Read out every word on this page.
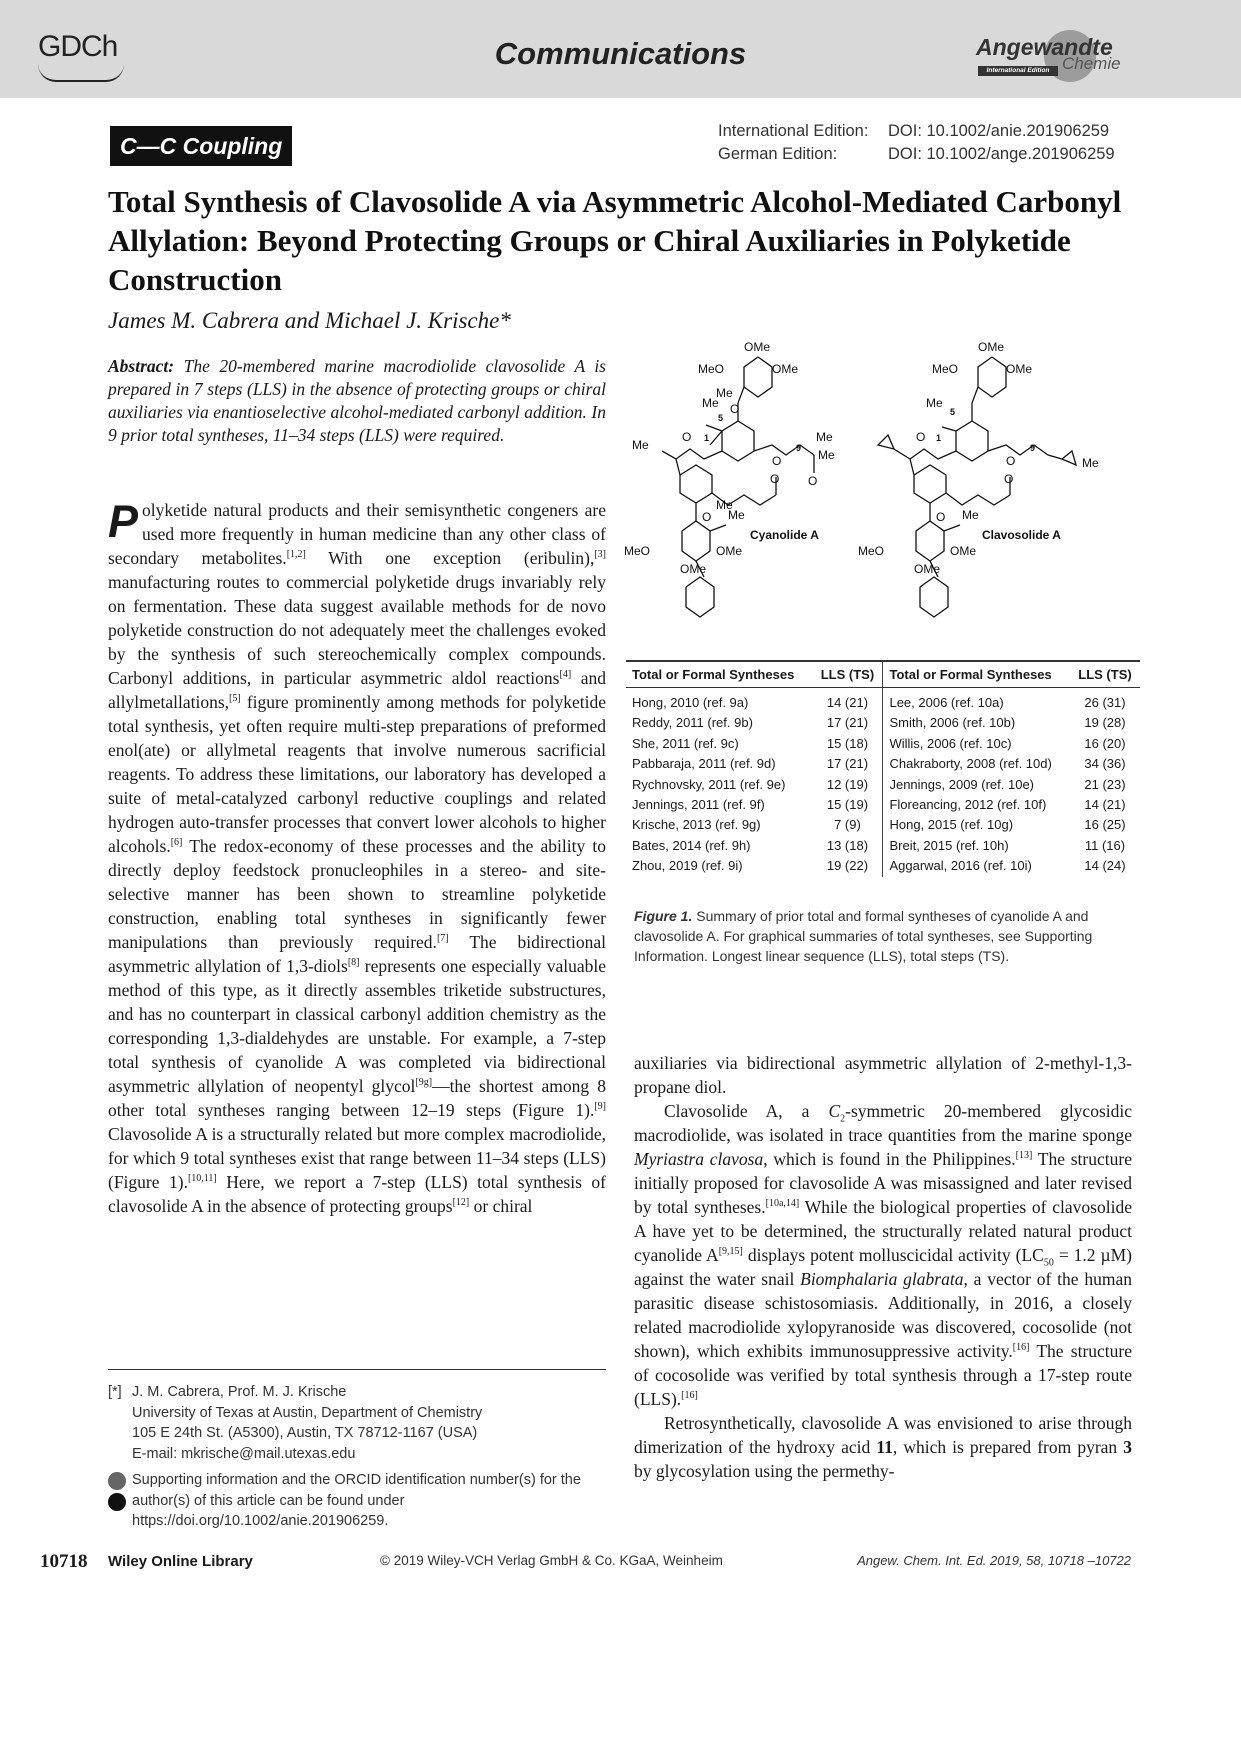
GDCh	Communications	Angewandte
International Edition Chemie
C—C Coupling
International Edition: DOI: 10.1002/anie.201906259
German Edition:	DOI: 10.1002/ange.201906259
Total Synthesis of Clavosolide A via Asymmetric Alcohol-Mediated Carbonyl Allylation: Beyond Protecting Groups or Chiral Auxiliaries in Polyketide Construction
James M. Cabrera and Michael J. Krische*
Abstract: The 20-membered marine macrodiolide clavosolide A is prepared in 7 steps (LLS) in the absence of protecting groups or chiral auxiliaries via enantioselective alcohol-mediated carbonyl addition. In 9 prior total syntheses, 11–34 steps (LLS) were required.

Polyketide natural products and their semisynthetic congeners are used more frequently in human medicine than any other class of secondary metabolites.[1,2] With one exception (eribulin),[3] manufacturing routes to commercial polyketide drugs invariably rely on fermentation. These data suggest available methods for de novo polyketide construction do not adequately meet the challenges evoked by the synthesis of such stereochemically complex compounds. Carbonyl additions, in particular asymmetric aldol reactions[4] and allylmetallations,[5] figure prominently among methods for polyketide total synthesis, yet often require multi-step preparations of preformed enol(ate) or allylmetal reagents that involve numerous sacrificial reagents. To address these limitations, our laboratory has developed a suite of metal-catalyzed carbonyl reductive couplings and related hydrogen auto-transfer processes that convert lower alcohols to higher alcohols.[6] The redox-economy of these processes and the ability to directly deploy feedstock pronucleophiles in a stereo- and site-selective manner has been shown to streamline polyketide construction, enabling total syntheses in significantly fewer manipulations than previously required.[7] The bidirectional asymmetric allylation of 1,3-diols[8] represents one especially valuable method of this type, as it directly assembles triketide substructures, and has no counterpart in classical carbonyl addition chemistry as the corresponding 1,3-dialdehydes are unstable. For example, a 7-step total synthesis of cyanolide A was completed via bidirectional asymmetric allylation of neopentyl glycol[9g]—the shortest among 8 other total syntheses ranging between 12–19 steps (Figure 1).[9] Clavosolide A is a structurally related but more complex macrodiolide, for which 9 total syntheses exist that range between 11–34 steps (LLS) (Figure 1).[10,11] Here, we report a 7-step (LLS) total synthesis of clavosolide A in the absence of protecting groups[12] or chiral

OMe
MeO	OMe
O
Me
Me
5
O 1
Me	9 Me
O
O
O
Me
Me
O
Cyanolide A
MeO	OMe
OMe
OMe
MeO	OMe
Me
5
Me	O 1
9
Me
O
O
Me
O
Clavosolide A
MeO	OMe
OMe
Total or Formal Syntheses	LLS (TS)	Total or Formal Syntheses	LLS (TS)
Hong, 2010 (ref. 9a)	14 (21)	Lee, 2006 (ref. 10a)	26 (31)
Reddy, 2011 (ref. 9b)	17 (21)	Smith, 2006 (ref. 10b)	19 (28)
She, 2011 (ref. 9c)	15 (18)	Willis, 2006 (ref. 10c)	16 (20)
Pabbaraja, 2011 (ref. 9d)	17 (21)	Chakraborty, 2008 (ref. 10d)	34 (36)
Rychnovsky, 2011 (ref. 9e)	12 (19)	Jennings, 2009 (ref. 10e)	21 (23)
Jennings, 2011 (ref. 9f)	15 (19)	Floreancing, 2012 (ref. 10f)	14 (21)
Krische, 2013 (ref. 9g)	7 (9)	Hong, 2015 (ref. 10g)	16 (25)
Bates, 2014 (ref. 9h)	13 (18)	Breit, 2015 (ref. 10h)	11 (16)
Zhou, 2019 (ref. 9i)	19 (22)	Aggarwal, 2016 (ref. 10i)	14 (24)
Figure 1. Summary of prior total and formal syntheses of cyanolide A and clavosolide A. For graphical summaries of total syntheses, see Supporting Information. Longest linear sequence (LLS), total steps (TS).

auxiliaries via bidirectional asymmetric allylation of 2-methyl-1,3-propane diol.

Clavosolide A, a $C_2$-symmetric 20-membered glycosidic macrodiolide, was isolated in trace quantities from the marine sponge Myriastra clavosa, which is found in the Philippines.[13] The structure initially proposed for clavosolide A was misassigned and later revised by total syntheses.[10a,14] While the biological properties of clavosolide A have yet to be determined, the structurally related natural product cyanolide A[9,15] displays potent molluscicidal activity ($LC_{50} = 1.2$ µM) against the water snail Biomphalaria glabrata, a vector of the human parasitic disease schistosomiasis. Additionally, in 2016, a closely related macrodiolide xylopyranoside was discovered, cocosolide (not shown), which exhibits immunosuppressive activity.[16] The structure of cocosolide was verified by total synthesis through a 17-step route (LLS).[16]

Retrosynthetically, clavosolide A was envisioned to arise through dimerization of the hydroxy acid 11, which is prepared from pyran 3 by glycosylation using the permethy-

[*] J. M. Cabrera, Prof. M. J. Krische
University of Texas at Austin, Department of Chemistry
105 E 24th St. (A5300), Austin, TX 78712-1167 (USA)
E-mail: mkrische@mail.utexas.edu
Supporting information and the ORCID identification number(s) for the author(s) of this article can be found under https://doi.org/10.1002/anie.201906259.
10718 Wiley Online Library	© 2019 Wiley-VCH Verlag GmbH & Co. KGaA, Weinheim	Angew. Chem. Int. Ed. 2019, 58, 10718 –10722
